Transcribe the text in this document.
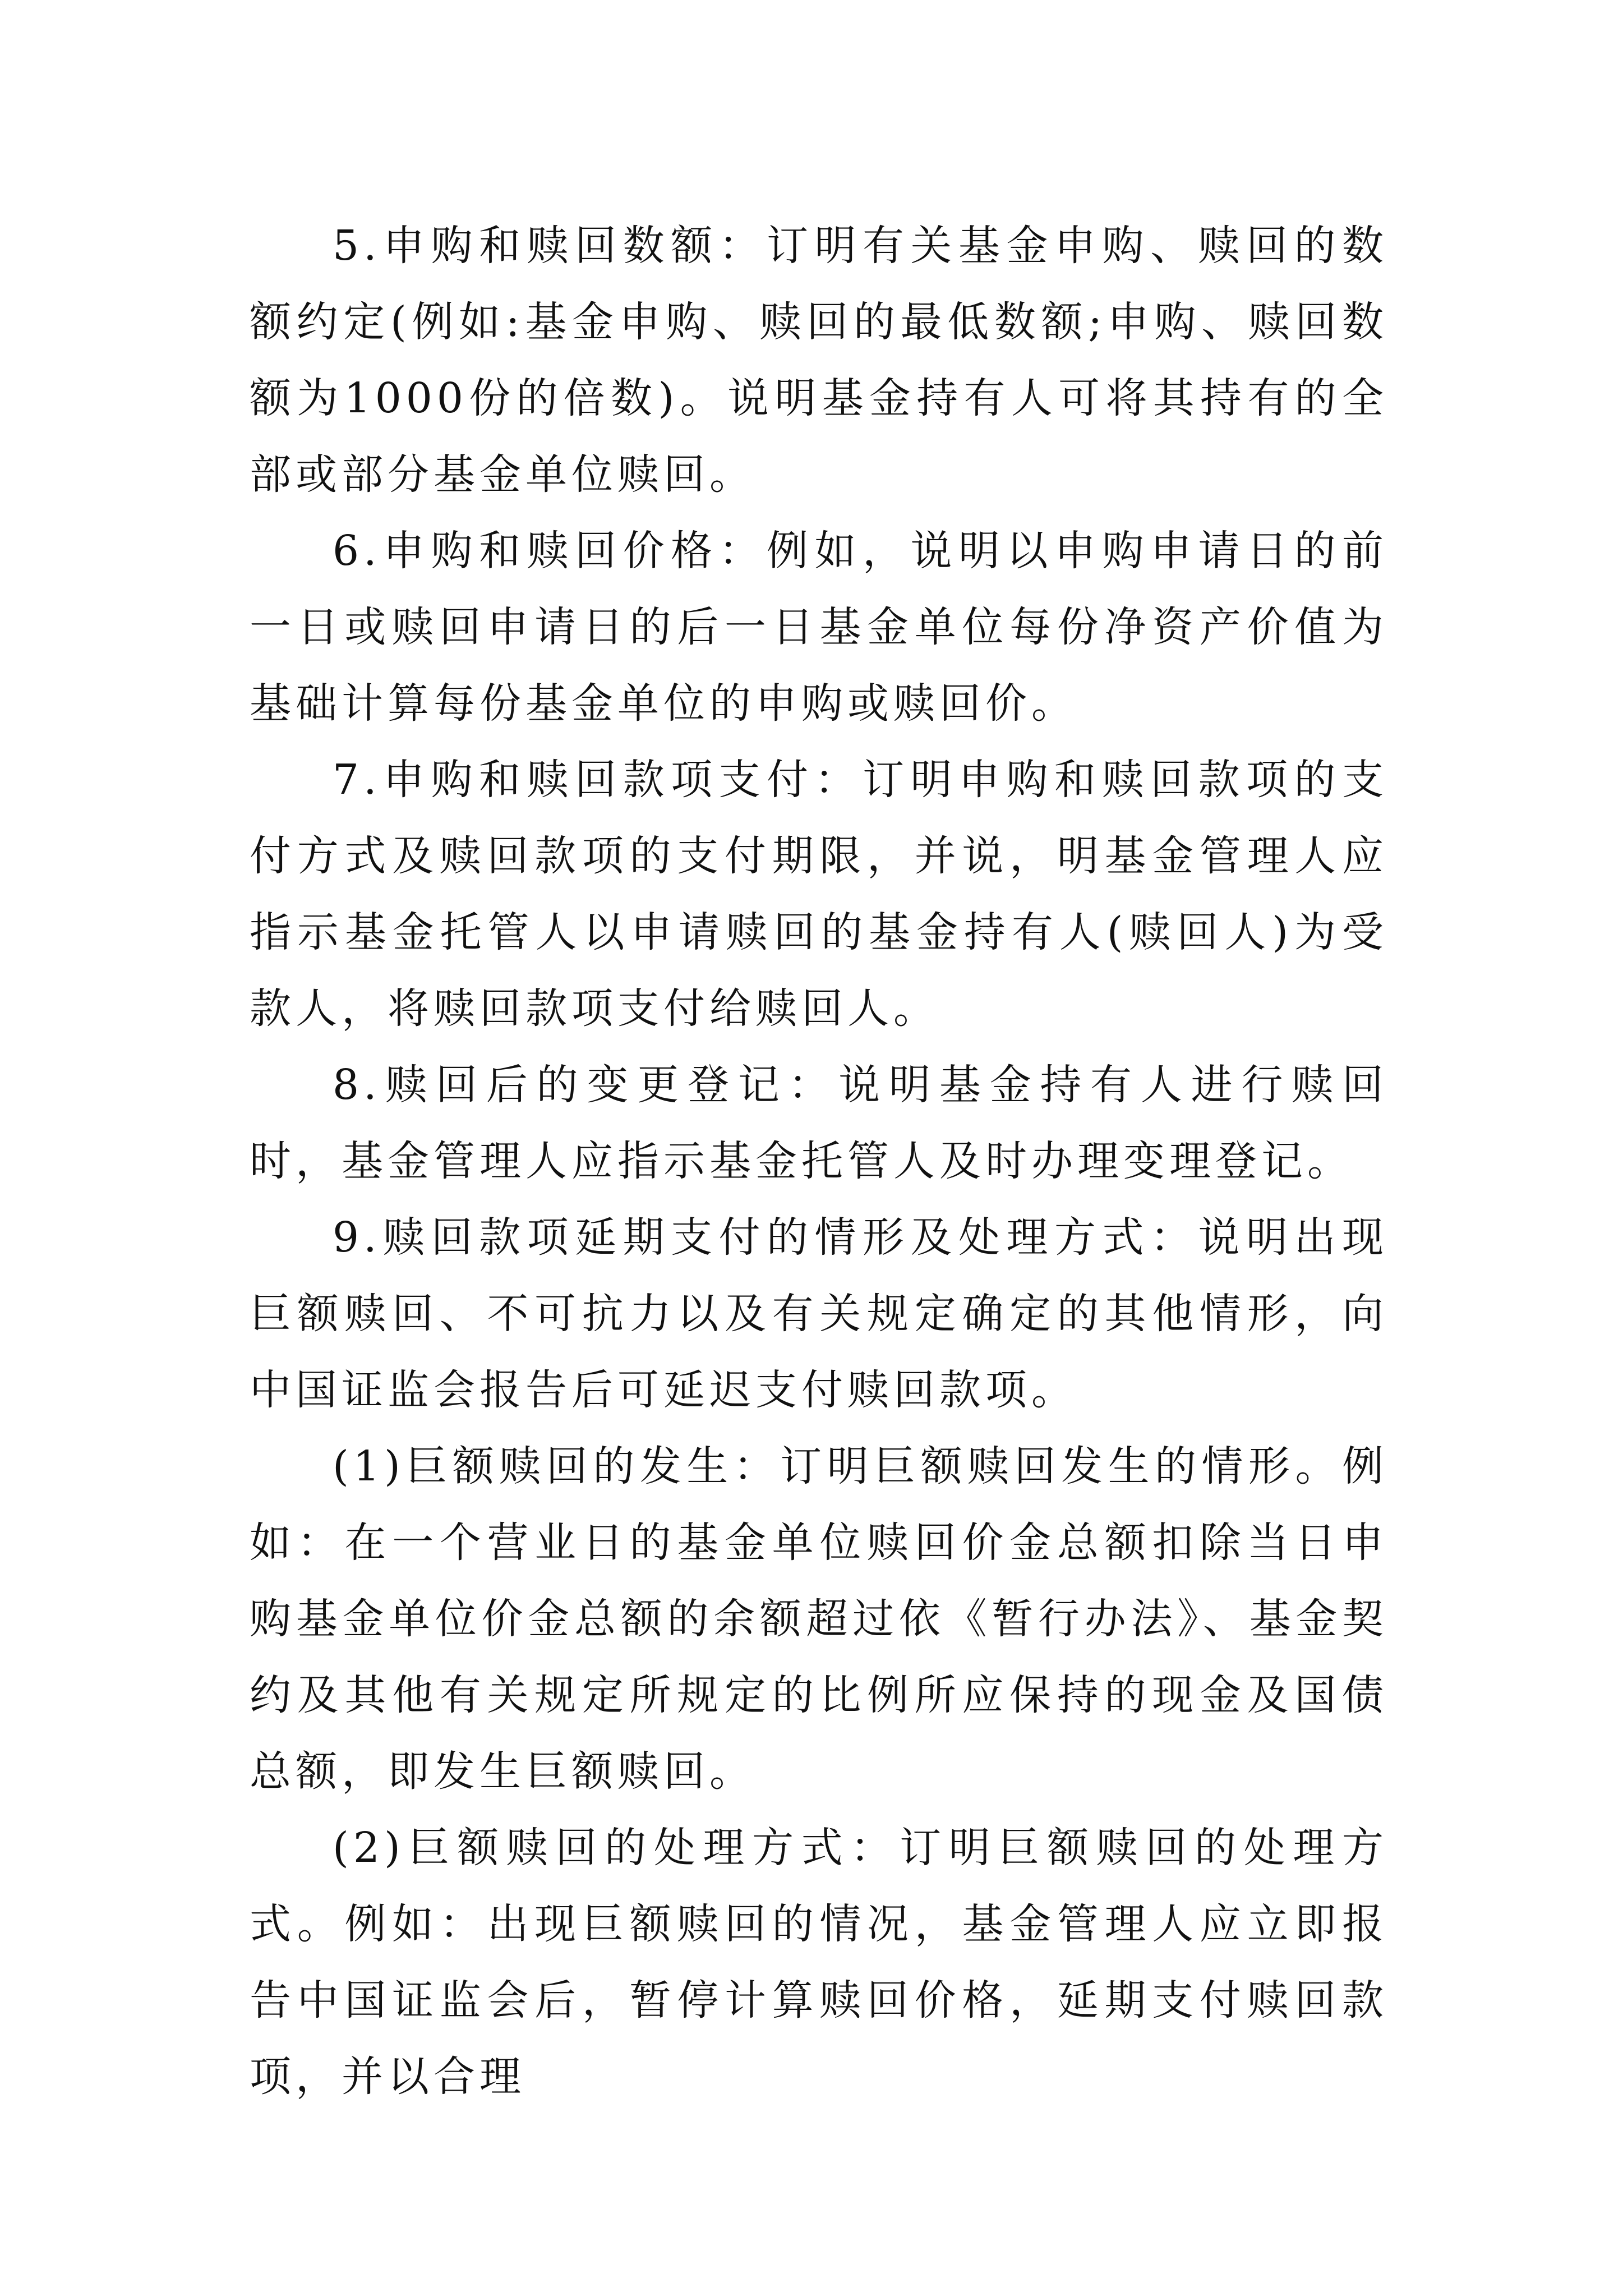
5.申购和赎回数额：订明有关基金申购、赎回的数额约定(例如:基金申购、赎回的最低数额;申购、赎回数额为1000份的倍数)。说明基金持有人可将其持有的全部或部分基金单位赎回。

6.申购和赎回价格：例如，说明以申购申请日的前一日或赎回申请日的后一日基金单位每份净资产价值为基础计算每份基金单位的申购或赎回价。

7.申购和赎回款项支付：订明申购和赎回款项的支付方式及赎回款项的支付期限，并说，明基金管理人应指示基金托管人以申请赎回的基金持有人(赎回人)为受款人，将赎回款项支付给赎回人。

8.赎回后的变更登记：说明基金持有人进行赎回时，基金管理人应指示基金托管人及时办理变理登记。

9.赎回款项延期支付的情形及处理方式：说明出现巨额赎回、不可抗力以及有关规定确定的其他情形，向中国证监会报告后可延迟支付赎回款项。

(1)巨额赎回的发生：订明巨额赎回发生的情形。例如：在一个营业日的基金单位赎回价金总额扣除当日申购基金单位价金总额的余额超过依《暂行办法》、基金契约及其他有关规定所规定的比例所应保持的现金及国债总额，即发生巨额赎回。

(2)巨额赎回的处理方式：订明巨额赎回的处理方式。例如：出现巨额赎回的情况，基金管理人应立即报告中国证监会后，暂停计算赎回价格，延期支付赎回款项，并以合理
